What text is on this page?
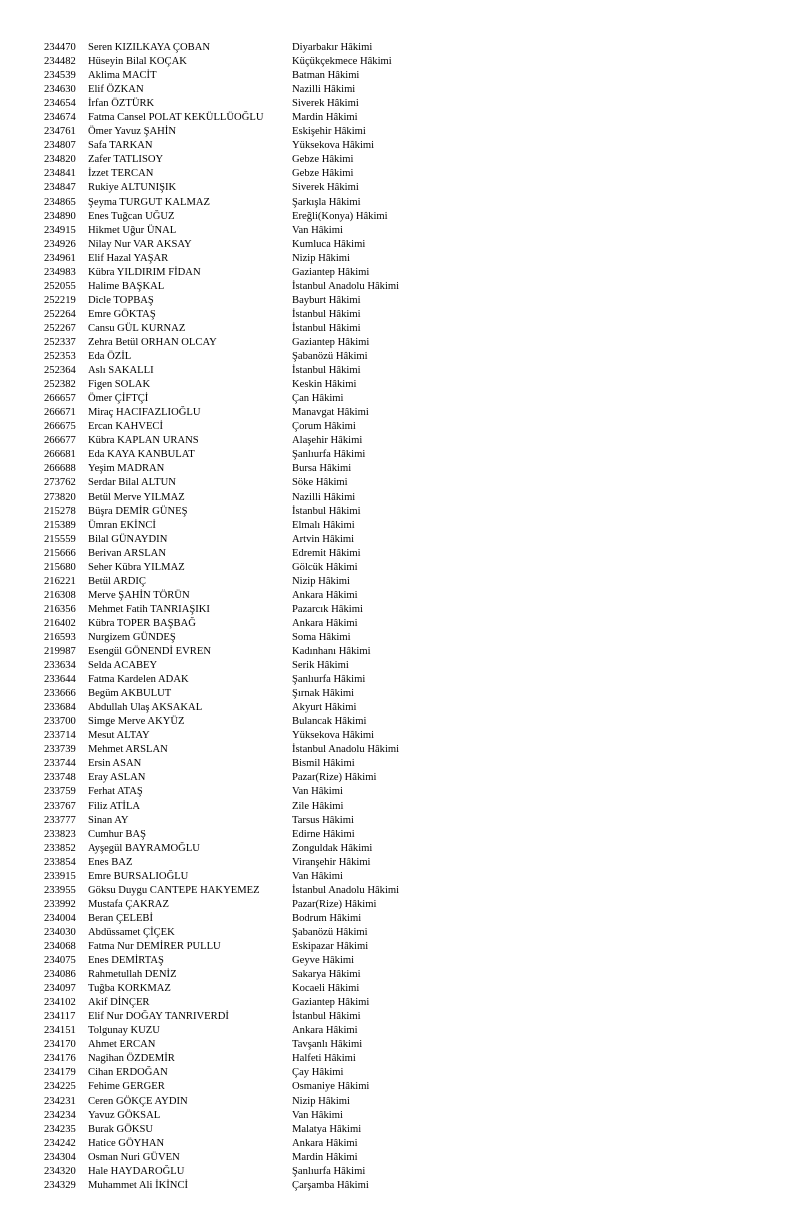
234470 Seren KIZILKAYA ÇOBAN	Diyarbakır Hâkimi
234482 Hüseyin Bilal KOÇAK	Küçükçekmece Hâkimi
234539 Aklima MACİT	Batman Hâkimi
234630 Elif ÖZKAN	Nazilli Hâkimi
234654 İrfan ÖZTÜRK	Siverek Hâkimi
234674 Fatma Cansel POLAT KEKÜLLÜOĞLU	Mardin Hâkimi
234761 Ömer Yavuz ŞAHİN	Eskişehir Hâkimi
234807 Safa TARKAN	Yüksekova Hâkimi
234820 Zafer TATLISOY	Gebze Hâkimi
234841 İzzet TERCAN	Gebze Hâkimi
234847 Rukiye ALTUNIŞIK	Siverek Hâkimi
234865 Şeyma TURGUT KALMAZ	Şarkışla Hâkimi
234890 Enes Tuğcan UĞUZ	Ereğli(Konya) Hâkimi
234915 Hikmet Uğur ÜNAL	Van Hâkimi
234926 Nilay Nur VAR AKSAY	Kumluca Hâkimi
234961 Elif Hazal YAŞAR	Nizip Hâkimi
234983 Kübra YILDIRIM FİDAN	Gaziantep Hâkimi
252055 Halime BAŞKAL	İstanbul Anadolu Hâkimi
252219 Dicle TOPBAŞ	Bayburt Hâkimi
252264 Emre GÖKTAŞ	İstanbul Hâkimi
252267 Cansu GÜL KURNAZ	İstanbul Hâkimi
252337 Zehra Betül ORHAN OLCAY	Gaziantep Hâkimi
252353 Eda ÖZİL	Şabanözü Hâkimi
252364 Aslı SAKALLI	İstanbul Hâkimi
252382 Figen SOLAK	Keskin Hâkimi
266657 Ömer ÇİFTÇİ	Çan Hâkimi
266671 Miraç HACIFAZLIOĞLU	Manavgat Hâkimi
266675 Ercan KAHVECİ	Çorum Hâkimi
266677 Kübra KAPLAN URANS	Alaşehir Hâkimi
266681 Eda KAYA KANBULAT	Şanlıurfa Hâkimi
266688 Yeşim MADRAN	Bursa Hâkimi
273762 Serdar Bilal ALTUN	Söke Hâkimi
273820 Betül Merve YILMAZ	Nazilli Hâkimi
215278 Büşra DEMİR GÜNEŞ	İstanbul Hâkimi
215389 Ümran EKİNCİ	Elmalı Hâkimi
215559 Bilal GÜNAYDIN	Artvin Hâkimi
215666 Berivan ARSLAN	Edremit Hâkimi
215680 Seher Kübra YILMAZ	Gölcük Hâkimi
216221 Betül ARDIÇ	Nizip Hâkimi
216308 Merve ŞAHİN TÖRÜN	Ankara Hâkimi
216356 Mehmet Fatih TANRIAŞIKI	Pazarcık Hâkimi
216402 Kübra TOPER BAŞBAĞ	Ankara Hâkimi
216593 Nurgizem GÜNDEŞ	Soma Hâkimi
219987 Esengül GÖNENDİ EVREN	Kadınhanı Hâkimi
233634 Selda ACABEY	Serik Hâkimi
233644 Fatma Kardelen ADAK	Şanlıurfa Hâkimi
233666 Begüm AKBULUT	Şırnak Hâkimi
233684 Abdullah Ulaş AKSAKAL	Akyurt Hâkimi
233700 Simge Merve AKYÜZ	Bulancak Hâkimi
233714 Mesut ALTAY	Yüksekova Hâkimi
233739 Mehmet ARSLAN	İstanbul Anadolu Hâkimi
233744 Ersin ASAN	Bismil Hâkimi
233748 Eray ASLAN	Pazar(Rize) Hâkimi
233759 Ferhat ATAŞ	Van Hâkimi
233767 Filiz ATİLA	Zile Hâkimi
233777 Sinan AY	Tarsus Hâkimi
233823 Cumhur BAŞ	Edirne Hâkimi
233852 Ayşegül BAYRAMOĞLU	Zonguldak Hâkimi
233854 Enes BAZ	Viranşehir Hâkimi
233915 Emre BURSALIOĞLU	Van Hâkimi
233955 Göksu Duygu CANTEPE HAKYEMEZ	İstanbul Anadolu Hâkimi
233992 Mustafa ÇAKRAZ	Pazar(Rize) Hâkimi
234004 Beran ÇELEBİ	Bodrum Hâkimi
234030 Abdüssamet ÇİÇEK	Şabanözü Hâkimi
234068 Fatma Nur DEMİRER PULLU	Eskipazar Hâkimi
234075 Enes DEMİRTAŞ	Geyve Hâkimi
234086 Rahmetullah DENİZ	Sakarya Hâkimi
234097 Tuğba KORKMAZ	Kocaeli Hâkimi
234102 Akif DİNÇER	Gaziantep Hâkimi
234117 Elif Nur DOĞAY TANRIVERDİ	İstanbul Hâkimi
234151 Tolgunay KUZU	Ankara Hâkimi
234170 Ahmet ERCAN	Tavşanlı Hâkimi
234176 Nagihan ÖZDEMİR	Halfeti Hâkimi
234179 Cihan ERDOĞAN	Çay Hâkimi
234225 Fehime GERGER	Osmaniye Hâkimi
234231 Ceren GÖKÇE AYDIN	Nizip Hâkimi
234234 Yavuz GÖKSAL	Van Hâkimi
234235 Burak GÖKSU	Malatya Hâkimi
234242 Hatice GÖYHAN	Ankara Hâkimi
234304 Osman Nuri GÜVEN	Mardin Hâkimi
234320 Hale HAYDAROĞLU	Şanlıurfa Hâkimi
234329 Muhammet Ali İKİNCİ	Çarşamba Hâkimi
